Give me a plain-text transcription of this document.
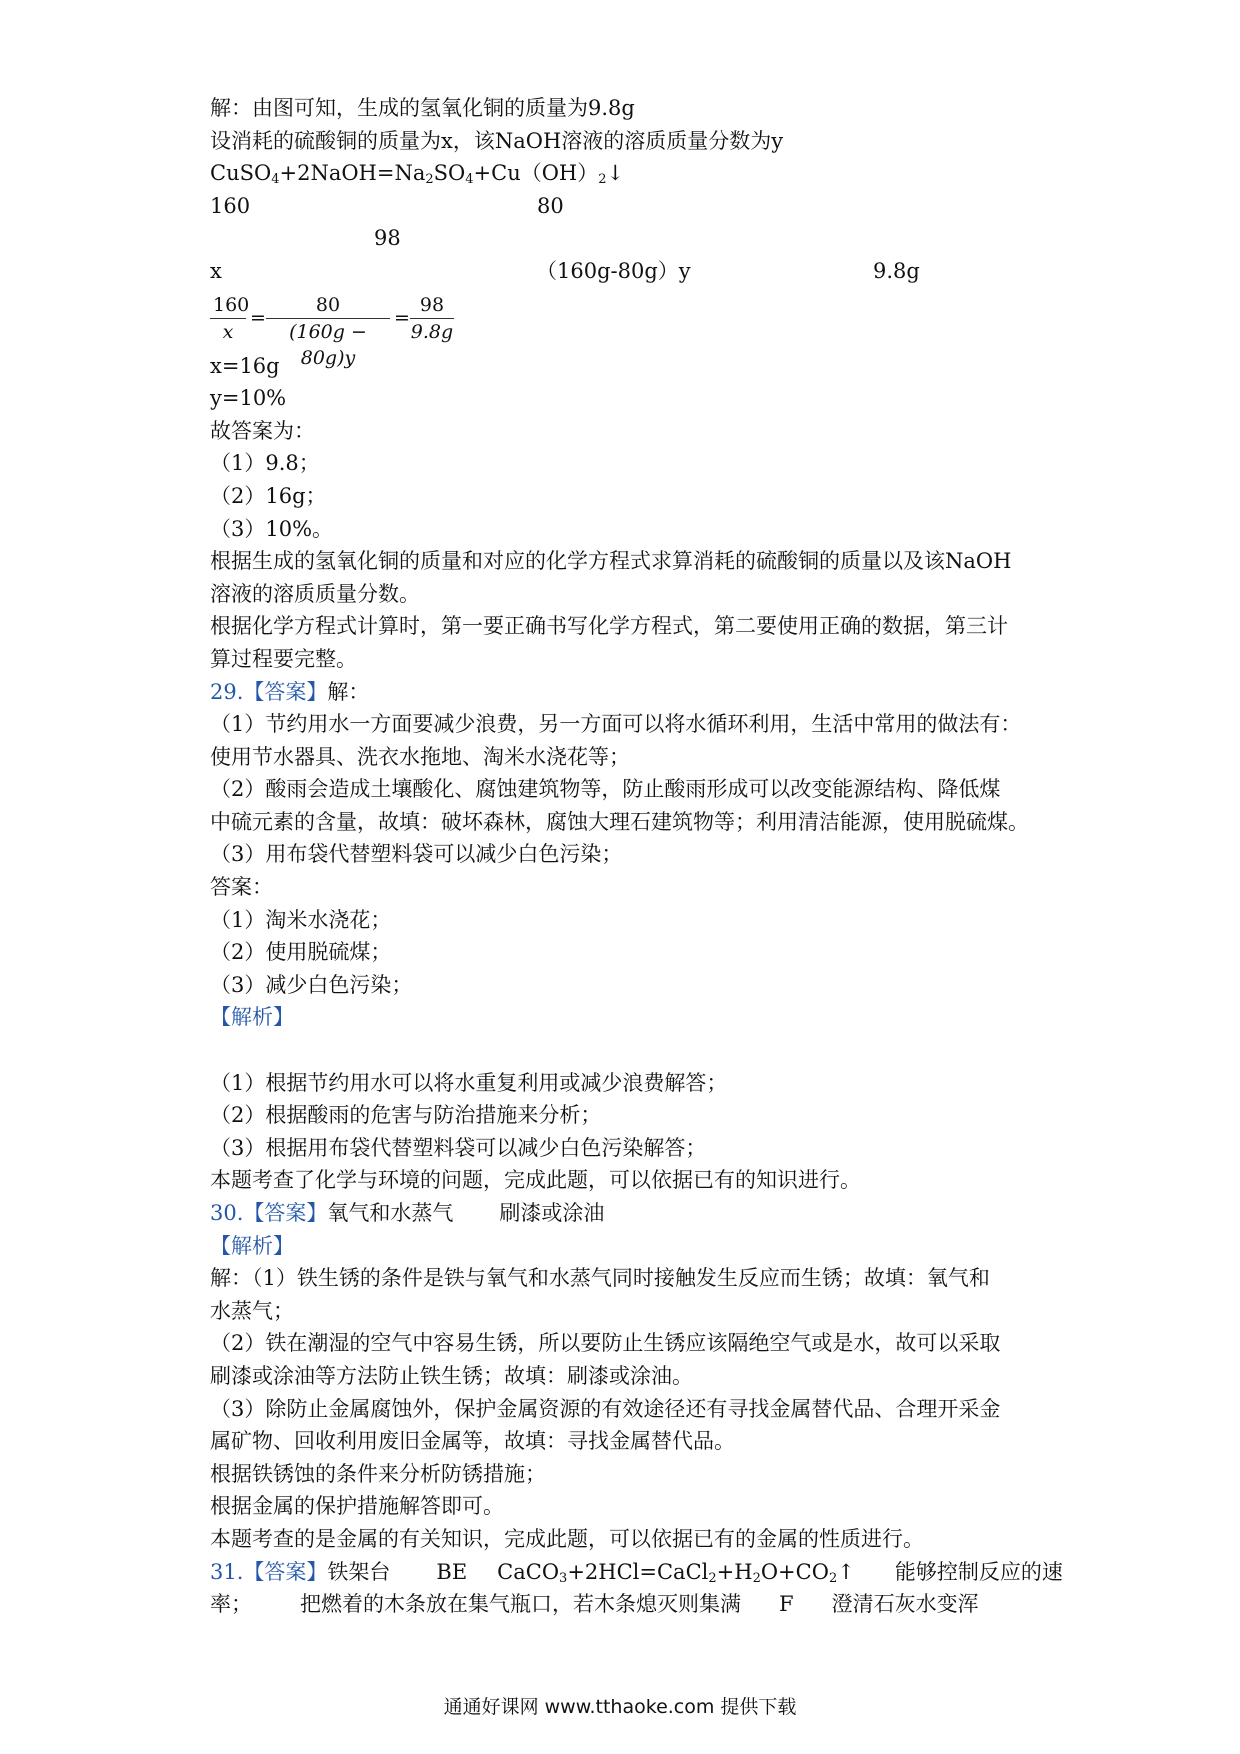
解：由图可知，生成的氢氧化铜的质量为9.8g
设消耗的硫酸铜的质量为x，该NaOH溶液的溶质质量分数为y
$CuSO_4+2NaOH=Na_2SO_4+Cu(OH)_2↓$
160	80
98
x	（160g-80g）y	9.8g
$\frac{160}{x} = \frac{80}{(160g - 80g)y} = \frac{98}{9.8g}$
x=16g
y=10%
故答案为：
（1）9.8；
（2）16g；
（3）10%。
根据生成的氢氧化铜的质量和对应的化学方程式求算消耗的硫酸铜的质量以及该NaOH
溶液的溶质质量分数。
根据化学方程式计算时，第一要正确书写化学方程式，第二要使用正确的数据，第三计
算过程要完整。
29.【答案】解：
（1）节约用水一方面要减少浪费，另一方面可以将水循环利用，生活中常用的做法有：
使用节水器具、洗衣水拖地、淘米水浇花等；
（2）酸雨会造成土壤酸化、腐蚀建筑物等，防止酸雨形成可以改变能源结构、降低煤
中硫元素的含量，故填：破坏森林，腐蚀大理石建筑物等；利用清洁能源，使用脱硫煤。
（3）用布袋代替塑料袋可以减少白色污染；
答案：
（1）淘米水浇花；
（2）使用脱硫煤；
（3）减少白色污染；
【解析】
（1）根据节约用水可以将水重复利用或减少浪费解答；
（2）根据酸雨的危害与防治措施来分析；
（3）根据用布袋代替塑料袋可以减少白色污染解答；
本题考查了化学与环境的问题，完成此题，可以依据已有的知识进行。
30.【答案】氧气和水蒸气 刷漆或涂油
【解析】
解：（1）铁生锈的条件是铁与氧气和水蒸气同时接触发生反应而生锈；故填：氧气和
水蒸气；
（2）铁在潮湿的空气中容易生锈，所以要防止生锈应该隔绝空气或是水，故可以采取
刷漆或涂油等方法防止铁生锈；故填：刷漆或涂油。
（3）除防止金属腐蚀外，保护金属资源的有效途径还有寻找金属替代品、合理开采金
属矿物、回收利用废旧金属等，故填：寻找金属替代品。
根据铁锈蚀的条件来分析防锈措施；
根据金属的保护措施解答即可。
本题考查的是金属的有关知识，完成此题，可以依据已有的金属的性质进行。
31.【答案】铁架台 BE $CaCO_3+2HCl=CaCl_2+H_2O+CO_2↑$ 能够控制反应的速
率； 把燃着的木条放在集气瓶口，若木条熄灭则集满 F 澄清石灰水变浑
通通好课网 www.tthaoke.com 提供下载
